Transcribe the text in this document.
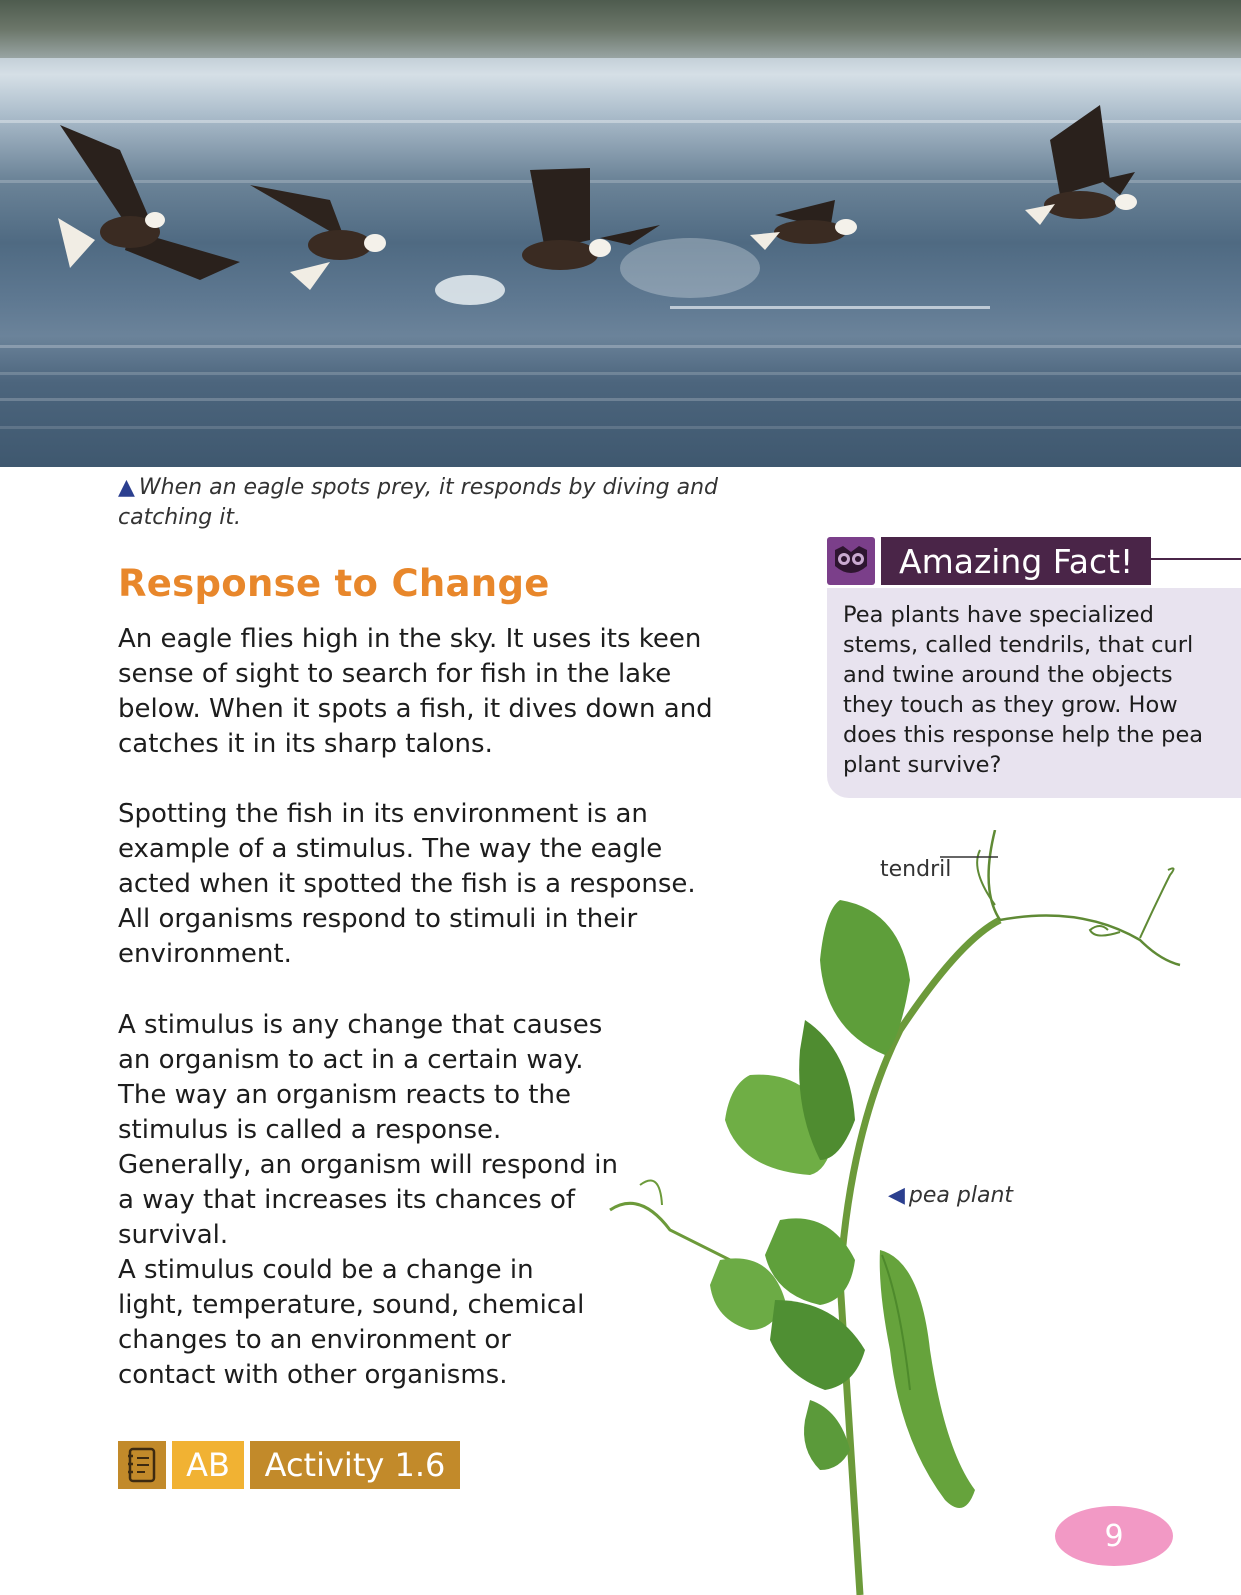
▲ When an eagle spots prey, it responds by diving and catching it.
Response to Change

An eagle flies high in the sky. It uses its keen sense of sight to search for fish in the lake below. When it spots a fish, it dives down and catches it in its sharp talons.

Spotting the fish in its environment is an example of a stimulus. The way the eagle acted when it spotted the fish is a response. All organisms respond to stimuli in their environment.

A stimulus is any change that causes an organism to act in a certain way. The way an organism reacts to the stimulus is called a response. Generally, an organism will respond in a way that increases its chances of survival.

A stimulus could be a change in light, temperature, sound, chemical changes to an environment or contact with other organisms.

Amazing Fact!
Pea plants have specialized stems, called tendrils, that curl and twine around the objects they touch as they grow. How does this response help the pea plant survive?
tendril
◀ pea plant
AB	Activity 1.6
9
